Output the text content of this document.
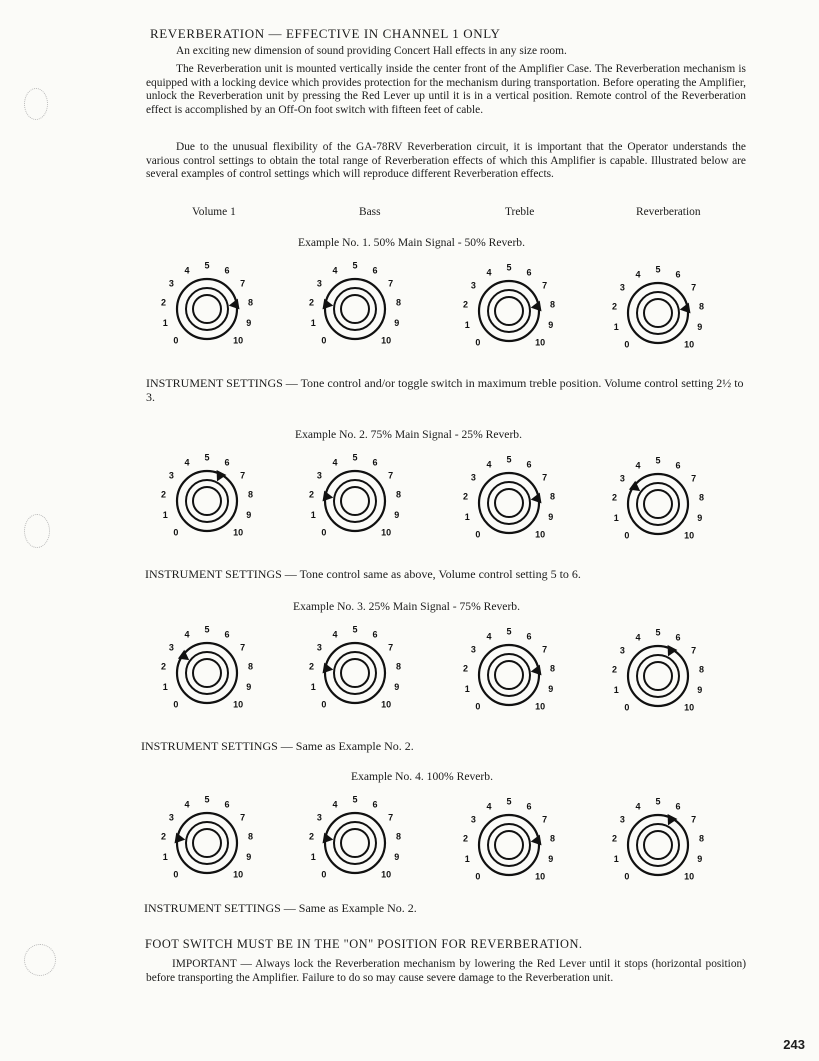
REVERBERATION — EFFECTIVE IN CHANNEL 1 ONLY
An exciting new dimension of sound providing Concert Hall effects in any size room.
The Reverberation unit is mounted vertically inside the center front of the Amplifier Case. The Reverberation mechanism is equipped with a locking device which provides protection for the mechanism during transportation. Before operating the Amplifier, unlock the Reverberation unit by pressing the Red Lever up until it is in a vertical position. Remote control of the Reverberation effect is accomplished by an Off-On foot switch with fifteen feet of cable.
Due to the unusual flexibility of the GA-78RV Reverberation circuit, it is important that the Operator understands the various control settings to obtain the total range of Reverberation effects of which this Amplifier is capable. Illustrated below are several examples of control settings which will reproduce different Reverberation effects.
Volume 1	Bass	Treble	Reverberation
Example No. 1. 50% Main Signal - 50% Reverb.
0
1
2
3
4 5 6
7
8
9
10	0
1
2
3
4 5 6
7
8
9
10	0
1
2
3
4 5 6
7
8
9
10	0
1
2
3
4 5 6
7
8
9
10
INSTRUMENT SETTINGS — Tone control and/or toggle switch in maximum treble position. Volume control setting 2½ to 3.
Example No. 2. 75% Main Signal - 25% Reverb.
0
1
2
3
4 5 6
7
8
9
10	0
1
2
3
4 5 6
7
8
9
10	0
1
2
3
4 5 6
7
8
9
10	0
1
2
3
4 5 6
7
8
9
10
INSTRUMENT SETTINGS — Tone control same as above, Volume control setting 5 to 6.
Example No. 3. 25% Main Signal - 75% Reverb.
0
1
2
3
4 5 6
7
8
9
10	0
1
2
3
4 5 6
7
8
9
10	0
1
2
3
4 5 6
7
8
9
10	0
1
2
3
4 5 6
7
8
9
10
INSTRUMENT SETTINGS — Same as Example No. 2.
Example No. 4. 100% Reverb.
0
1
2
3
4 5 6
7
8
9
10	0
1
2
3
4 5 6
7
8
9
10	0
1
2
3
4 5 6
7
8
9
10	0
1
2
3
4 5 6
7
8
9
10
INSTRUMENT SETTINGS — Same as Example No. 2.
FOOT SWITCH MUST BE IN THE "ON" POSITION FOR REVERBERATION.
IMPORTANT — Always lock the Reverberation mechanism by lowering the Red Lever until it stops (horizontal position) before transporting the Amplifier. Failure to do so may cause severe damage to the Reverberation unit.
243
